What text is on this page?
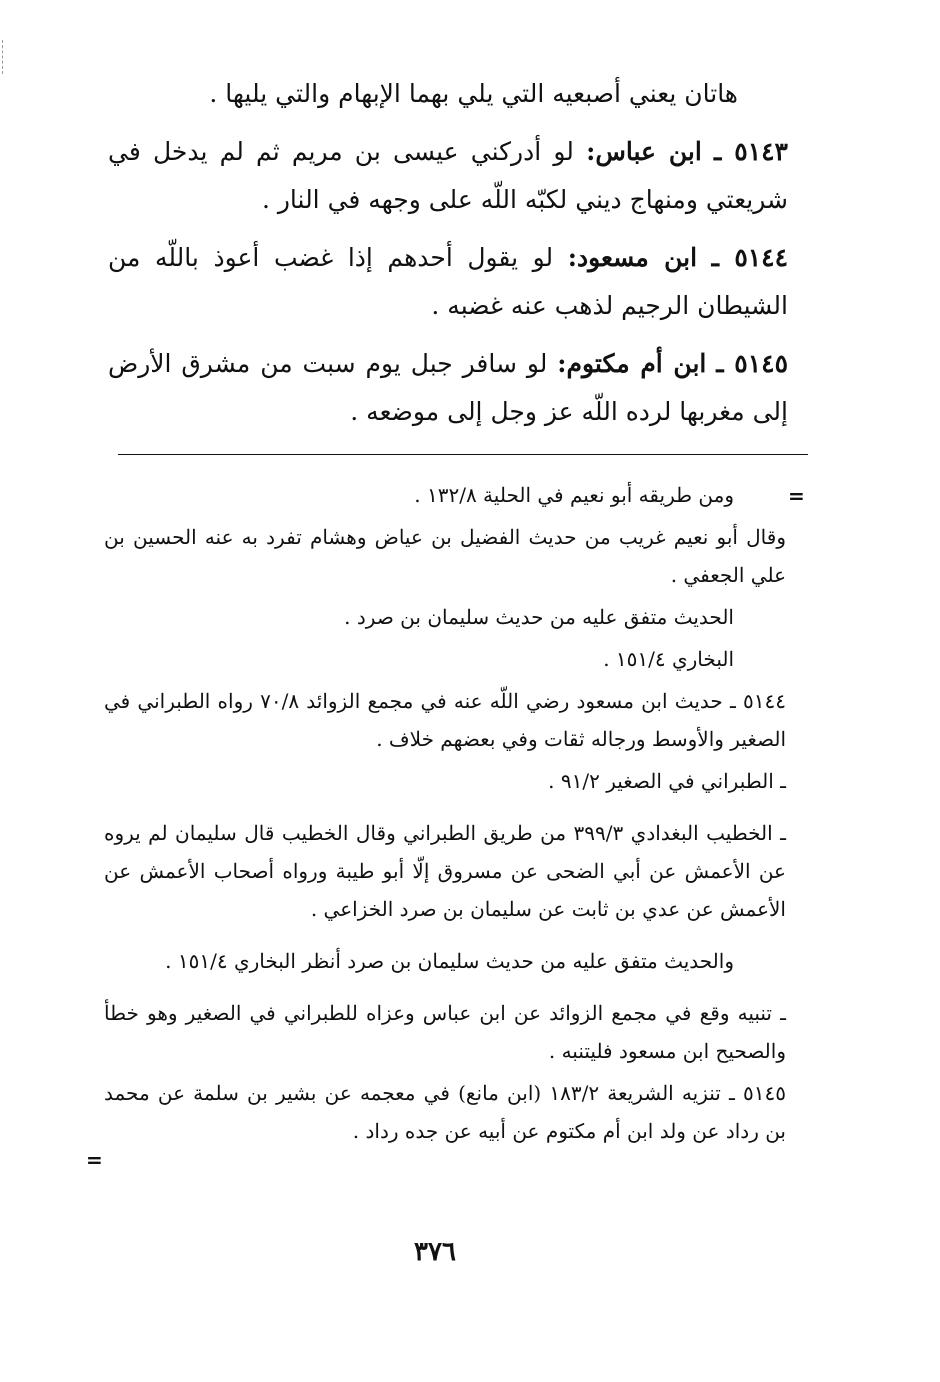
هاتان يعني أصبعيه التي يلي بهما الإبهام والتي يليها .

٥١٤٣ ـ ابن عباس: لو أدركني عيسى بن مريم ثم لم يدخل في شريعتي ومنهاج ديني لكبّه اللّه على وجهه في النار .

٥١٤٤ ـ ابن مسعود: لو يقول أحدهم إذا غضب أعوذ باللّه من الشيطان الرجيم لذهب عنه غضبه .

٥١٤٥ ـ ابن أم مكتوم: لو سافر جبل يوم سبت من مشرق الأرض إلى مغربها لرده اللّه عز وجل إلى موضعه .

=

ومن طريقه أبو نعيم في الحلية ١٣٢/٨ .

وقال أبو نعيم غريب من حديث الفضيل بن عياض وهشام تفرد به عنه الحسين بن علي الجعفي .

الحديث متفق عليه من حديث سليمان بن صرد .

البخاري ١٥١/٤ .

٥١٤٤ ـ حديث ابن مسعود رضي اللّه عنه في مجمع الزوائد ٧٠/٨ رواه الطبراني في الصغير والأوسط ورجاله ثقات وفي بعضهم خلاف .

ـ الطبراني في الصغير ٩١/٢ .

ـ الخطيب البغدادي ٣٩٩/٣ من طريق الطبراني وقال الخطيب قال سليمان لم يروه عن الأعمش عن أبي الضحى عن مسروق إلّا أبو طيبة ورواه أصحاب الأعمش عن الأعمش عن عدي بن ثابت عن سليمان بن صرد الخزاعي .

والحديث متفق عليه من حديث سليمان بن صرد أنظر البخاري ١٥١/٤ .

ـ تنبيه وقع في مجمع الزوائد عن ابن عباس وعزاه للطبراني في الصغير وهو خطأ والصحيح ابن مسعود فليتنبه .

٥١٤٥ ـ تنزيه الشريعة ١٨٣/٢ (ابن مانع) في معجمه عن بشير بن سلمة عن محمد بن رداد عن ولد ابن أم مكتوم عن أبيه عن جده رداد .

=
٣٧٦
